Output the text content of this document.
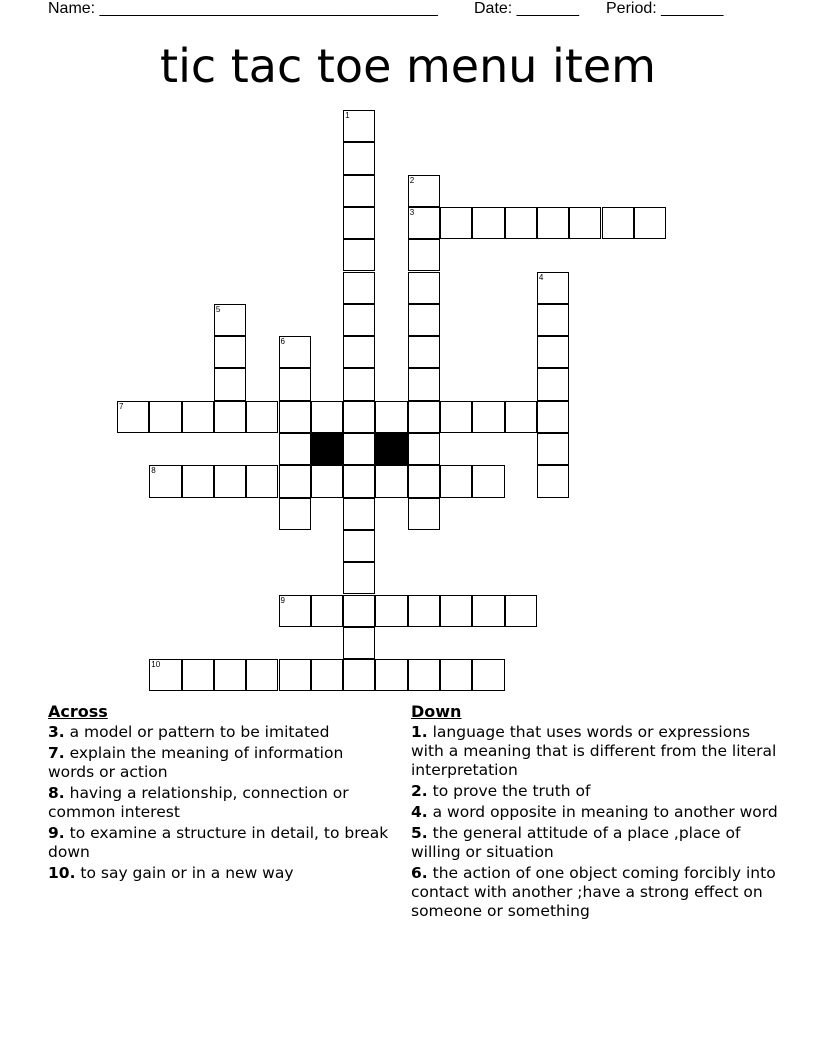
Name: ______________________________________ Date: _______ Period: _______
tic tac toe menu item
1
2
3
4
5
6
7
8
9
10
Across
3. a model or pattern to be imitated
7. explain the meaning of information words or action
8. having a relationship, connection or common interest
9. to examine a structure in detail, to break down
10. to say gain or in a new way
Down
1. language that uses words or expressions with a meaning that is different from the literal interpretation
2. to prove the truth of
4. a word opposite in meaning to another word
5. the general attitude of a place ,place of willing or situation
6. the action of one object coming forcibly into contact with another ;have a strong effect on someone or something
